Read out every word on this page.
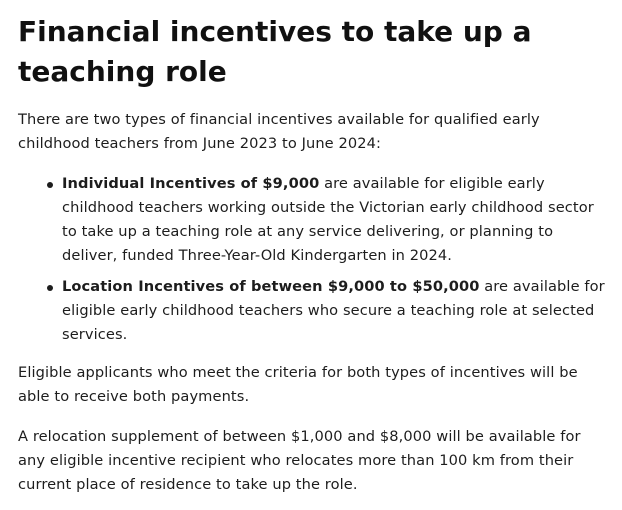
Financial incentives to take up a teaching role

There are two types of financial incentives available for qualified early childhood teachers from June 2023 to June 2024:

Individual Incentives of $9,000 are available for eligible early childhood teachers working outside the Victorian early childhood sector to take up a teaching role at any service delivering, or planning to deliver, funded Three-Year-Old Kindergarten in 2024.
Location Incentives of between $9,000 to $50,000 are available for eligible early childhood teachers who secure a teaching role at selected services.

Eligible applicants who meet the criteria for both types of incentives will be able to receive both payments.

A relocation supplement of between $1,000 and $8,000 will be available for any eligible incentive recipient who relocates more than 100 km from their current place of residence to take up the role.
